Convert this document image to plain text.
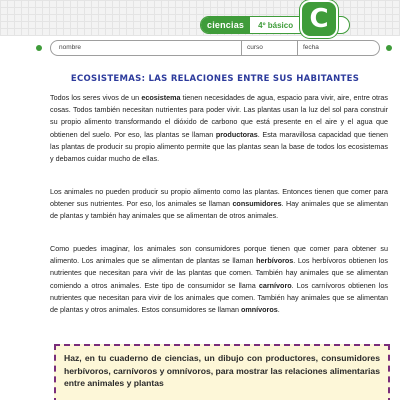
ciencias	4º básico C
nombre	curso	fecha
ECOSISTEMAS: LAS RELACIONES ENTRE SUS HABITANTES
Todos los seres vivos de un ecosistema tienen necesidades de agua, espacio para vivir, aire, entre otras cosas. Todos también necesitan nutrientes para poder vivir. Las plantas usan la luz del sol para construir su propio alimento transformando el dióxido de carbono que está presente en el aire y el agua que obtienen del suelo. Por eso, las plantas se llaman productoras. Esta maravillosa capacidad que tienen las plantas de producir su propio alimento permite que las plantas sean la base de todos los ecosistemas y debamos cuidar mucho de ellas.
Los animales no pueden producir su propio alimento como las plantas. Entonces tienen que comer para obtener sus nutrientes. Por eso, los animales se llaman consumidores. Hay animales que se alimentan de plantas y también hay animales que se alimentan de otros animales.
Como puedes imaginar, los animales son consumidores porque tienen que comer para obtener su alimento. Los animales que se alimentan de plantas se llaman herbívoros. Los herbívoros obtienen los nutrientes que necesitan para vivir de las plantas que comen. También hay animales que se alimentan comiendo a otros animales. Este tipo de consumidor se llama carnívoro. Los carnívoros obtienen los nutrientes que necesitan para vivir de los animales que comen. También hay animales que se alimentan de plantas y otros animales. Estos consumidores se llaman omnívoros.
Haz, en tu cuaderno de ciencias, un dibujo con productores, consumidores herbívoros, carnívoros y omnívoros, para mostrar las relaciones alimentarias entre animales y plantas
